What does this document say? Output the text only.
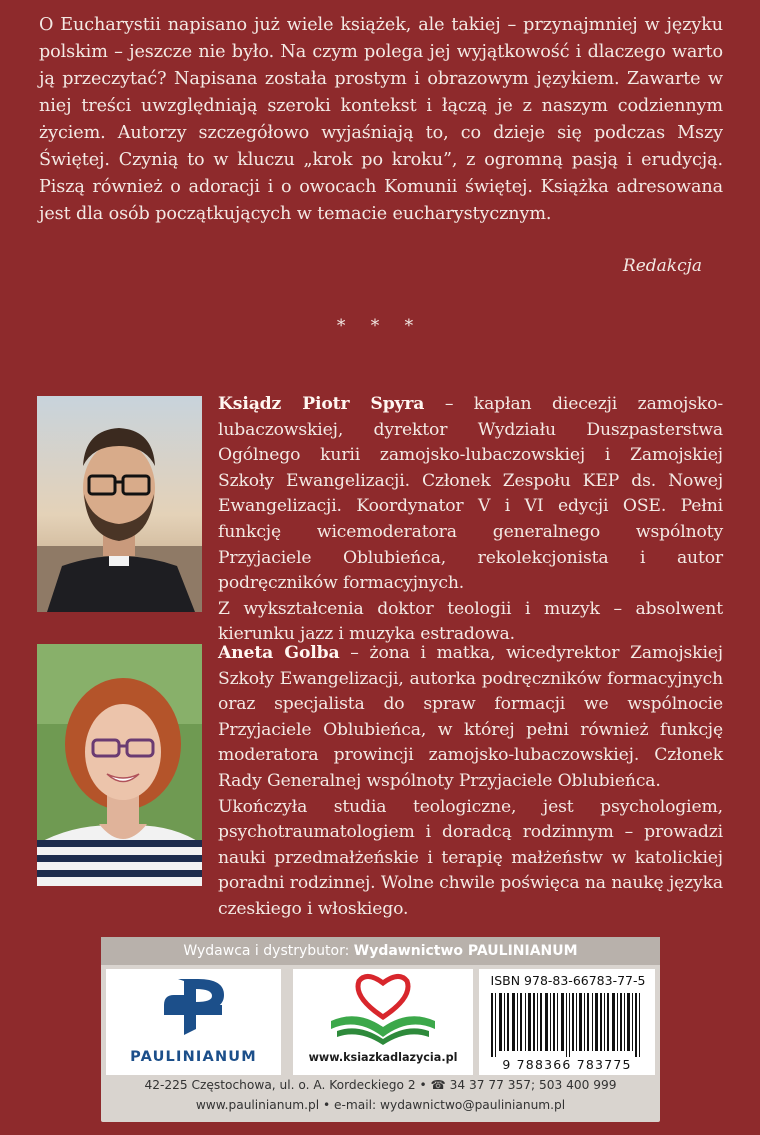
O Eucharystii napisano już wiele książek, ale takiej – przynajmniej w języku polskim – jeszcze nie było. Na czym polega jej wyjątkowość i dlaczego warto ją przeczytać? Napisana została prostym i obrazowym językiem. Zawarte w niej treści uwzględniają szeroki kontekst i łączą je z naszym codziennym życiem. Autorzy szczegółowo wyjaśniają to, co dzieje się podczas Mszy Świętej. Czynią to w kluczu „krok po kroku”, z ogromną pasją i erudycją. Piszą również o adoracji i o owocach Komunii świętej. Książka adresowana jest dla osób początkujących w temacie eucharystycznym.
Redakcja
* * *

Ksiądz Piotr Spyra – kapłan diecezji zamojsko-lubaczowskiej, dyrektor Wydziału Duszpasterstwa Ogólnego kurii zamojsko-lubaczowskiej i Zamojskiej Szkoły Ewangelizacji. Członek Zespołu KEP ds. Nowej Ewangelizacji. Koordynator V i VI edycji OSE. Pełni funkcję wicemoderatora generalnego wspólnoty Przyjaciele Oblubieńca, rekolekcjonista i autor podręczników formacyjnych.

Z wykształcenia doktor teologii i muzyk – absolwent kierunku jazz i muzyka estradowa.

Aneta Golba – żona i matka, wicedyrektor Zamojskiej Szkoły Ewangelizacji, autorka podręczników formacyjnych oraz specjalista do spraw formacji we wspólnocie Przyjaciele Oblubieńca, w której pełni również funkcję moderatora prowincji zamojsko-lubaczowskiej. Członek Rady Generalnej wspólnoty Przyjaciele Oblubieńca.

Ukończyła studia teologiczne, jest psychologiem, psychotraumatologiem i doradcą rodzinnym – prowadzi nauki przedmałżeńskie i terapię małżeństw w katolickiej poradni rodzinnej. Wolne chwile poświęca na naukę języka czeskiego i włoskiego.

Wydawca i dystrybutor: Wydawnictwo PAULINIANUM
PAULINIANUM	www.ksiazkadlazycia.pl
ISBN 978-83-66783-77-5
9 788366 783775
42-225 Częstochowa, ul. o. A. Kordeckiego 2 • ☎ 34 37 77 357; 503 400 999
www.paulinianum.pl • e-mail: wydawnictwo@paulinianum.pl
